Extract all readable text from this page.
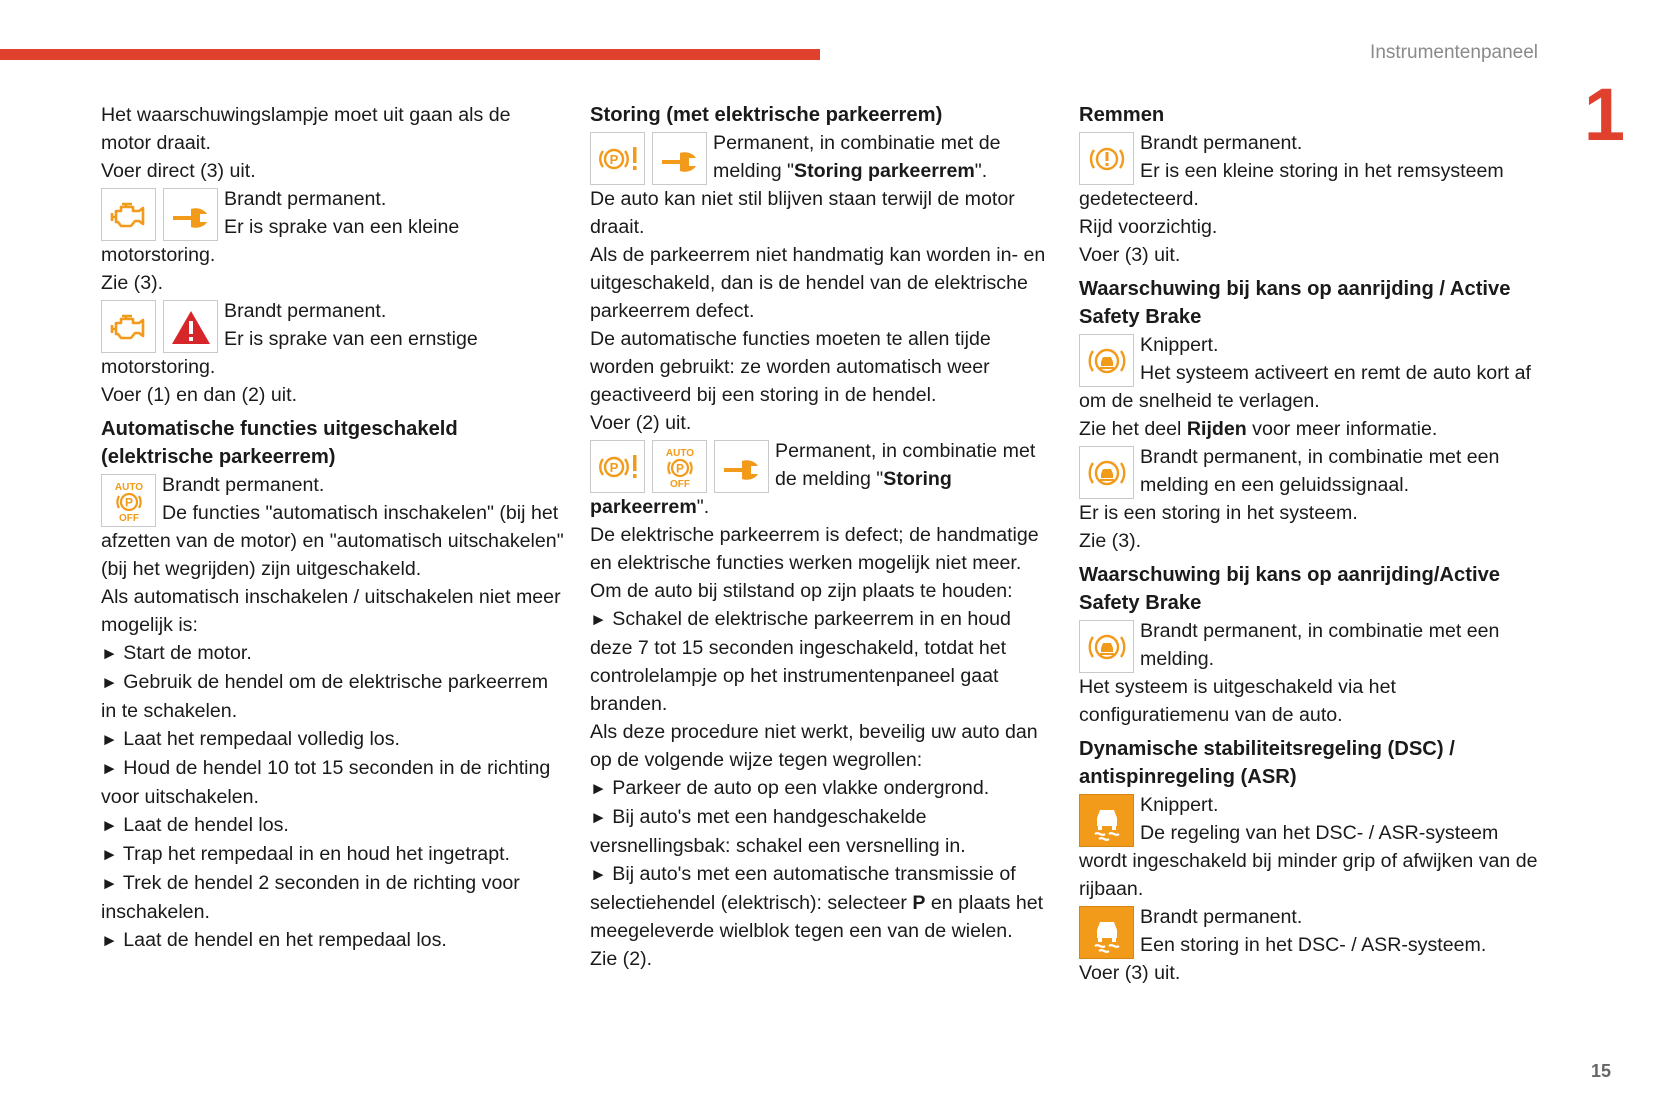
Instrumentenpaneel
1
15

Het waarschuwingslampje moet uit gaan als de motor draait.

Voer direct (3) uit.

Brandt permanent.

Er is sprake van een kleine motorstoring.

Zie (3).

Brandt permanent.

Er is sprake van een ernstige motorstoring.

Voer (1) en dan (2) uit.

Automatische functies uitgeschakeld (elektrische parkeerrem)

Brandt permanent.

De functies "automatisch inschakelen" (bij het afzetten van de motor) en "automatisch uitschakelen" (bij het wegrijden) zijn uitgeschakeld.

Als automatisch inschakelen / uitschakelen niet meer mogelijk is:

► Start de motor.

► Gebruik de hendel om de elektrische parkeerrem in te schakelen.

► Laat het rempedaal volledig los.

► Houd de hendel 10 tot 15 seconden in de richting voor uitschakelen.

► Laat de hendel los.

► Trap het rempedaal in en houd het ingetrapt.

► Trek de hendel 2 seconden in de richting voor inschakelen.

► Laat de hendel en het rempedaal los.

Storing (met elektrische parkeerrem)

Permanent, in combinatie met de melding "Storing parkeerrem".

De auto kan niet stil blijven staan terwijl de motor draait.

Als de parkeerrem niet handmatig kan worden in- en uitgeschakeld, dan is de hendel van de elektrische parkeerrem defect.

De automatische functies moeten te allen tijde worden gebruikt: ze worden automatisch weer geactiveerd bij een storing in de hendel.

Voer (2) uit.

Permanent, in combinatie met de melding "Storing parkeerrem".

De elektrische parkeerrem is defect; de handmatige en elektrische functies werken mogelijk niet meer.

Om de auto bij stilstand op zijn plaats te houden:

► Schakel de elektrische parkeerrem in en houd deze 7 tot 15 seconden ingeschakeld, totdat het controlelampje op het instrumentenpaneel gaat branden.

Als deze procedure niet werkt, beveilig uw auto dan op de volgende wijze tegen wegrollen:

► Parkeer de auto op een vlakke ondergrond.

► Bij auto's met een handgeschakelde versnellingsbak: schakel een versnelling in.

► Bij auto's met een automatische transmissie of selectiehendel (elektrisch): selecteer P en plaats het meegeleverde wielblok tegen een van de wielen.

Zie (2).

Remmen

Brandt permanent.

Er is een kleine storing in het remsysteem gedetecteerd.

Rijd voorzichtig.

Voer (3) uit.

Waarschuwing bij kans op aanrijding / Active Safety Brake

Knippert.

Het systeem activeert en remt de auto kort af om de snelheid te verlagen.

Zie het deel Rijden voor meer informatie.

Brandt permanent, in combinatie met een melding en een geluidssignaal.

Er is een storing in het systeem.

Zie (3).

Waarschuwing bij kans op aanrijding/Active Safety Brake

Brandt permanent, in combinatie met een melding.

Het systeem is uitgeschakeld via het configuratiemenu van de auto.

Dynamische stabiliteitsregeling (DSC) / antispinregeling (ASR)

Knippert.

De regeling van het DSC- / ASR-systeem wordt ingeschakeld bij minder grip of afwijken van de rijbaan.

Brandt permanent.

Een storing in het DSC- / ASR-systeem.

Voer (3) uit.
